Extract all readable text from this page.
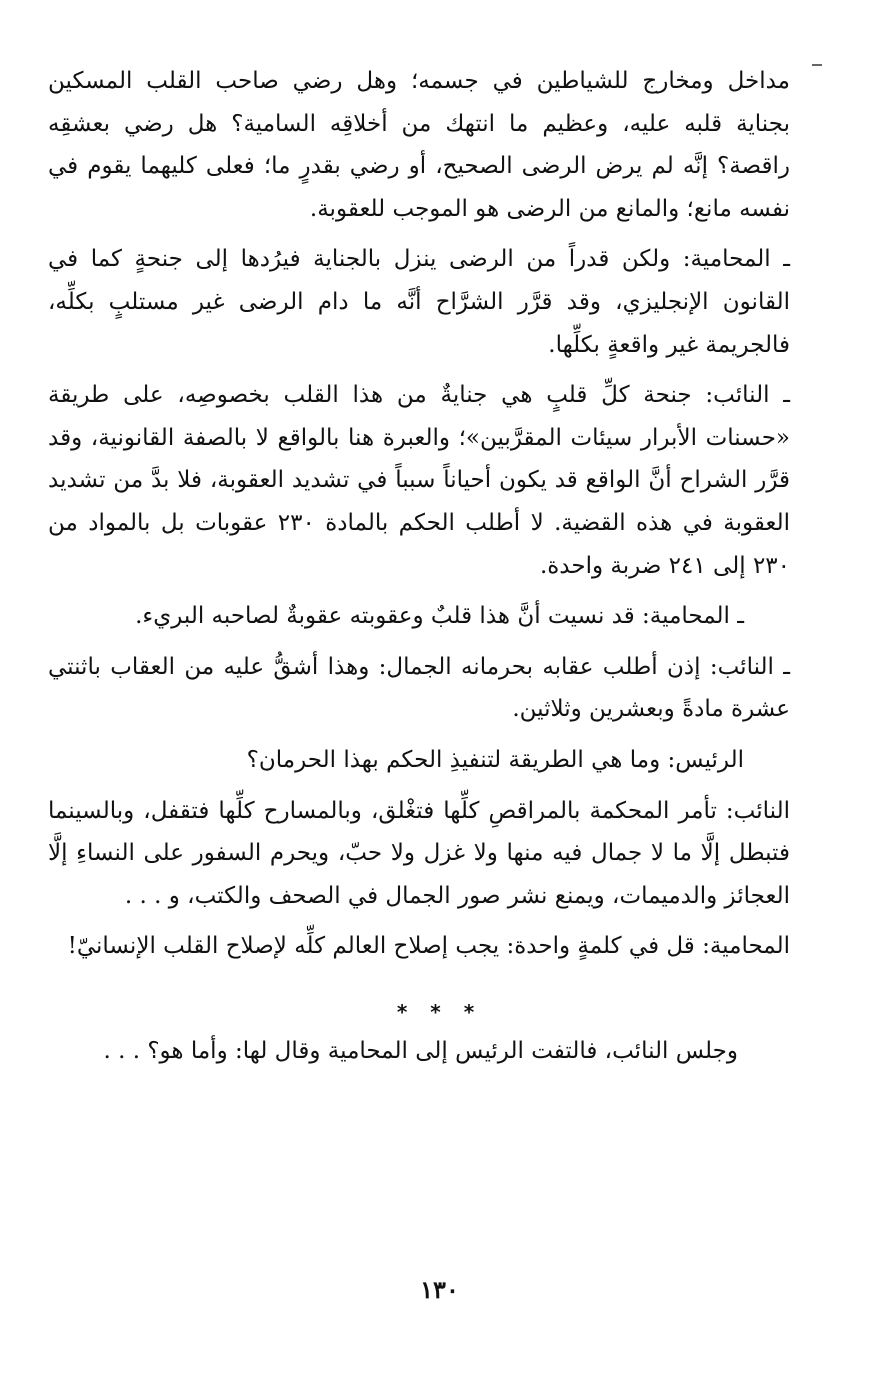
مداخل ومخارج للشياطين في جسمه؛ وهل رضي صاحب القلب المسكين بجناية قلبه عليه، وعظيم ما انتهك من أخلاقِه السامية؟ هل رضي بعشقِه راقصة؟ إنَّه لم يرض الرضى الصحيح، أو رضي بقدرٍ ما؛ فعلى كليهما يقوم في نفسه مانع؛ والمانع من الرضى هو الموجب للعقوبة.

ـ المحامية: ولكن قدراً من الرضى ينزل بالجناية فيرُدها إلى جنحةٍ كما في القانون الإنجليزي، وقد قرَّر الشرَّاح أنَّه ما دام الرضى غير مستلبٍ بكلِّه، فالجريمة غير واقعةٍ بكلِّها.

ـ النائب: جنحة كلِّ قلبٍ هي جنايةٌ من هذا القلب بخصوصِه، على طريقة «حسنات الأبرار سيئات المقرَّبين»؛ والعبرة هنا بالواقع لا بالصفة القانونية، وقد قرَّر الشراح أنَّ الواقع قد يكون أحياناً سبباً في تشديد العقوبة، فلا بدَّ من تشديد العقوبة في هذه القضية. لا أطلب الحكم بالمادة ٢٣٠ عقوبات بل بالمواد من ٢٣٠ إلى ٢٤١ ضربة واحدة.

ـ المحامية: قد نسيت أنَّ هذا قلبٌ وعقوبته عقوبةٌ لصاحبه البريء.

ـ النائب: إذن أطلب عقابه بحرمانه الجمال: وهذا أشقُّ عليه من العقاب باثنتي عشرة مادةً وبعشرين وثلاثين.

الرئيس: وما هي الطريقة لتنفيذِ الحكم بهذا الحرمان؟

النائب: تأمر المحكمة بالمراقصِ كلِّها فتغْلق، وبالمسارح كلِّها فتقفل، وبالسينما فتبطل إلَّا ما لا جمال فيه منها ولا غزل ولا حبّ، ويحرم السفور على النساءِ إلَّا العجائز والدميمات، ويمنع نشر صور الجمال في الصحف والكتب، و . . .

المحامية: قل في كلمةٍ واحدة: يجب إصلاح العالم كلِّه لإصلاح القلب الإنسانيّ!

* * *
وجلس النائب، فالتفت الرئيس إلى المحامية وقال لها: وأما هو؟ . . .
١٣٠
